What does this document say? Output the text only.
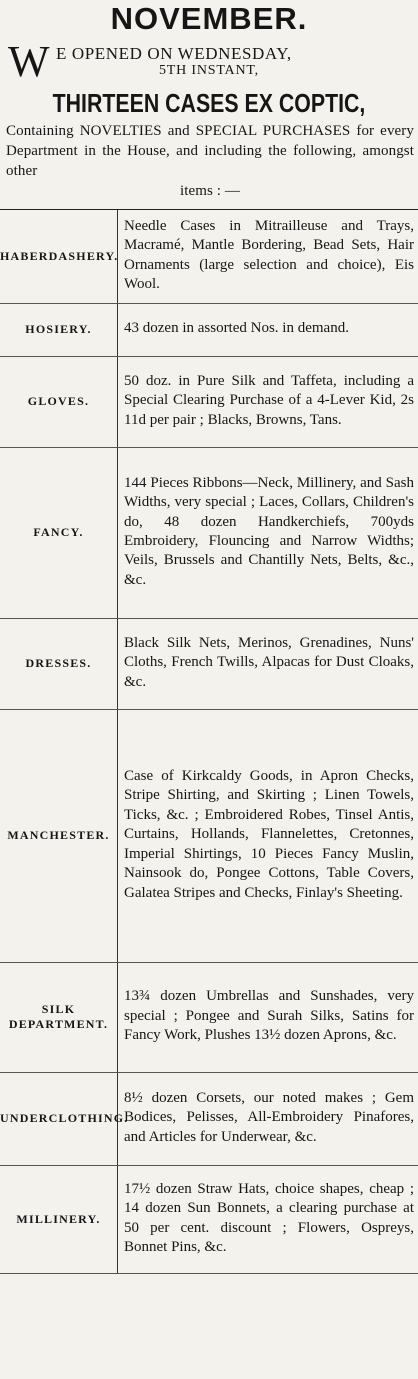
NOVEMBER.
W E OPENED ON WEDNESDAY,
5TH INSTANT,
THIRTEEN CASES EX COPTIC,
Containing NOVELTIES and SPECIAL PURCHASES for every Department in the House, and including the following, amongst other
items : —
HABERDASHERY.	Needle Cases in Mitrailleuse and Trays, Macramé, Mantle Bordering, Bead Sets, Hair Ornaments (large selection and choice), Eis Wool.
HOSIERY.	43 dozen in assorted Nos. in demand.
GLOVES.	50 doz. in Pure Silk and Taffeta, including a Special Clearing Purchase of a 4-Lever Kid, 2s 11d per pair ; Blacks, Browns, Tans.
FANCY.	144 Pieces Ribbons—Neck, Millinery, and Sash Widths, very special ; Laces, Collars, Children's do, 48 dozen Handkerchiefs, 700yds Embroidery, Flouncing and Narrow Widths; Veils, Brussels and Chantilly Nets, Belts, &c., &c.
DRESSES.	Black Silk Nets, Merinos, Grenadines, Nuns' Cloths, French Twills, Alpacas for Dust Cloaks, &c.
MANCHESTER.	Case of Kirkcaldy Goods, in Apron Checks, Stripe Shirting, and Skirting ; Linen Towels, Ticks, &c. ; Embroidered Robes, Tinsel Antis, Curtains, Hollands, Flannelettes, Cretonnes, Imperial Shirtings, 10 Pieces Fancy Muslin, Nainsook do, Pongee Cottons, Table Covers, Galatea Stripes and Checks, Finlay's Sheeting.
SILK DEPARTMENT.	13¾ dozen Umbrellas and Sunshades, very special ; Pongee and Surah Silks, Satins for Fancy Work, Plushes 13½ dozen Aprons, &c.
UNDERCLOTHING.	8½ dozen Corsets, our noted makes ; Gem Bodices, Pelisses, All-Embroidery Pinafores, and Articles for Underwear, &c.
MILLINERY.	17½ dozen Straw Hats, choice shapes, cheap ; 14 dozen Sun Bonnets, a clearing purchase at 50 per cent. discount ; Flowers, Ospreys, Bonnet Pins, &c.
